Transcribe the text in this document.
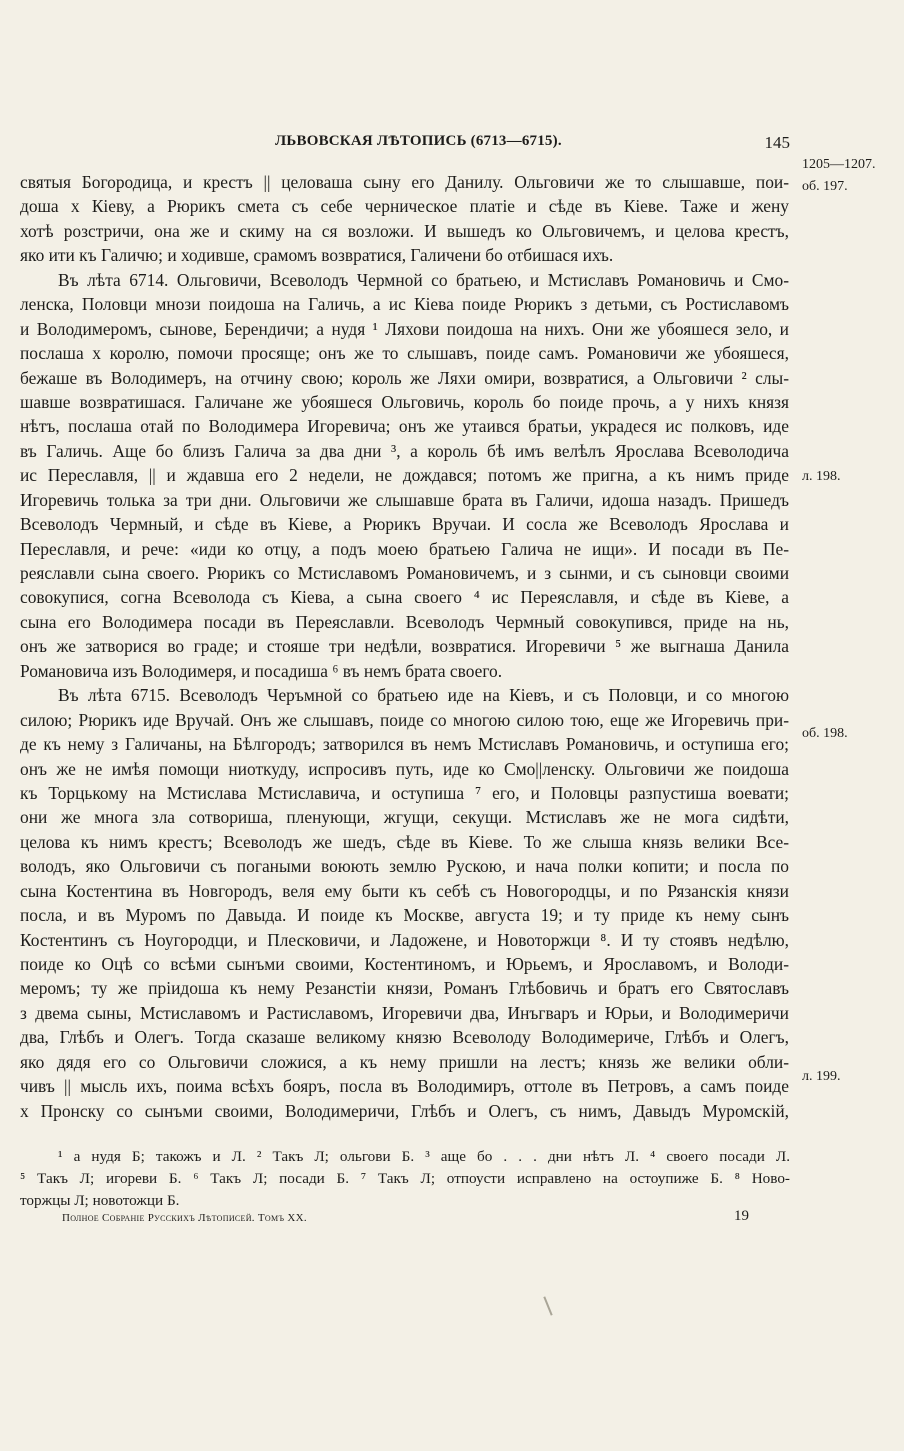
ЛЬВОВСКАЯ ЛѢТОПИСЬ (6713—6715).	145
1205—1207.
об. 197.
л. 198.
об. 198.
л. 199.
святыя Богородица, и крестъ || целоваша сыну его Данилу. Ольговичи же то слышавше, пои-
доша х Кіеву, а Рюрикъ смета съ себе черническое платіе и сѣде въ Кіеве. Таже и жену
хотѣ розстричи, она же и скиму на ся возложи. И вышедъ ко Ольговичемъ, и целова крестъ,
яко ити къ Галичю; и ходивше, срамомъ возвратися, Галичени бо отбишася ихъ.
Въ лѣта 6714. Ольговичи, Всеволодъ Чермной со братьею, и Мстиславъ Романовичь и Смо-
ленска, Половци мнози поидоша на Галичь, а ис Кіева поиде Рюрикъ з детьми, съ Ростиславомъ
и Володимеромъ, сынове, Берендичи; а нудя ¹ Ляхови поидоша на нихъ. Они же убояшеся зело, и
послаша х королю, помочи просяще; онъ же то слышавъ, поиде самъ. Романовичи же убояшеся,
бежаше въ Володимеръ, на отчину свою; король же Ляхи омири, возвратися, а Ольговичи ² слы-
шавше возвратишася. Галичане же убояшеся Ольговичь, король бо поиде прочь, а у нихъ князя
нѣтъ, послаша отай по Володимера Игоревича; онъ же утаився братьи, украдеся ис полковъ, иде
въ Галичь. Аще бо близъ Галича за два дни ³, а король бѣ имъ велѣлъ Ярослава Всеволодича
ис Переславля, || и ждавша его 2 недели, не дождався; потомъ же пригна, а къ нимъ приде
Игоревичь толька за три дни. Ольговичи же слышавше брата въ Галичи, идоша назадъ. Пришедъ
Всеволодъ Чермный, и сѣде въ Кіеве, а Рюрикъ Вручаи. И сосла же Всеволодъ Ярослава и
Переславля, и рече: «иди ко отцу, а подъ моею братьею Галича не ищи». И посади въ Пе-
реяславли сына своего. Рюрикъ со Мстиславомъ Романовичемъ, и з сынми, и съ сыновци своими
совокупися, согна Всеволода съ Кіева, а сына своего ⁴ ис Переяславля, и сѣде въ Кіеве, а
сына его Володимера посади въ Переяславли. Всеволодъ Чермный совокупився, приде на нь,
онъ же затворися во граде; и стояше три недѣли, возвратися. Игоревичи ⁵ же выгнаша Данила
Романовича изъ Володимеря, и посадиша ⁶ въ немъ брата своего.
Въ лѣта 6715. Всеволодъ Черъмной со братьею иде на Кіевъ, и съ Половци, и со многою
силою; Рюрикъ иде Вручай. Онъ же слышавъ, поиде со многою силою тою, еще же Игоревичь при-
де къ нему з Галичаны, на Бѣлгородъ; затворился въ немъ Мстиславъ Романовичь, и оступиша его;
онъ же не имѣя помощи ниоткуду, испросивъ путь, иде ко Смо||ленску. Ольговичи же поидоша
къ Торцькому на Мстислава Мстиславича, и оступиша ⁷ его, и Половцы разпустиша воевати;
они же многа зла сотвориша, пленующи, жгущи, секущи. Мстиславъ же не мога сидѣти,
целова къ нимъ крестъ; Всеволодъ же шедъ, сѣде въ Кіеве. То же слыша князь велики Все-
володъ, яко Ольговичи съ погаными воюють землю Рускою, и нача полки копити; и посла по
сына Костентина въ Новгородъ, веля ему быти къ себѣ съ Новогородцы, и по Рязанскія князи
посла, и въ Муромъ по Давыда. И поиде къ Москве, августа 19; и ту приде къ нему сынъ
Костентинъ съ Ноугородци, и Плесковичи, и Ладожене, и Новоторжци ⁸. И ту стоявъ недѣлю,
поиде ко Оцѣ со всѣми сынъми своими, Костентиномъ, и Юрьемъ, и Ярославомъ, и Володи-
меромъ; ту же пріидоша къ нему Резанстіи князи, Романъ Глѣбовичь и братъ его Святославъ
з двема сыны, Мстиславомъ и Растиславомъ, Игоревичи два, Инъгваръ и Юрьи, и Володимеричи
два, Глѣбъ и Олегъ. Тогда сказаше великому князю Всеволоду Володимериче, Глѣбъ и Олегъ,
яко дядя его со Ольговичи сложися, а къ нему пришли на лестъ; князь же велики обли-
чивъ || мысль ихъ, поима всѣхъ бояръ, посла въ Володимиръ, оттоле въ Петровъ, а самъ поиде
х Пронску со сынъми своими, Володимеричи, Глѣбъ и Олегъ, съ нимъ, Давыдъ Муромскій,
¹ а нудя Б; такожъ и Л. ² Такъ Л; ольгови Б. ³ аще бо . . . дни нѣтъ Л. ⁴ своего посади Л.
⁵ Такъ Л; игореви Б. ⁶ Такъ Л; посади Б. ⁷ Такъ Л; отпоусти исправлено на остоупиже Б. ⁸ Ново-
торжцы Л; новотожци Б.
Полное Собраніе Русскихъ Лѣтописей. Томъ XX.	19
